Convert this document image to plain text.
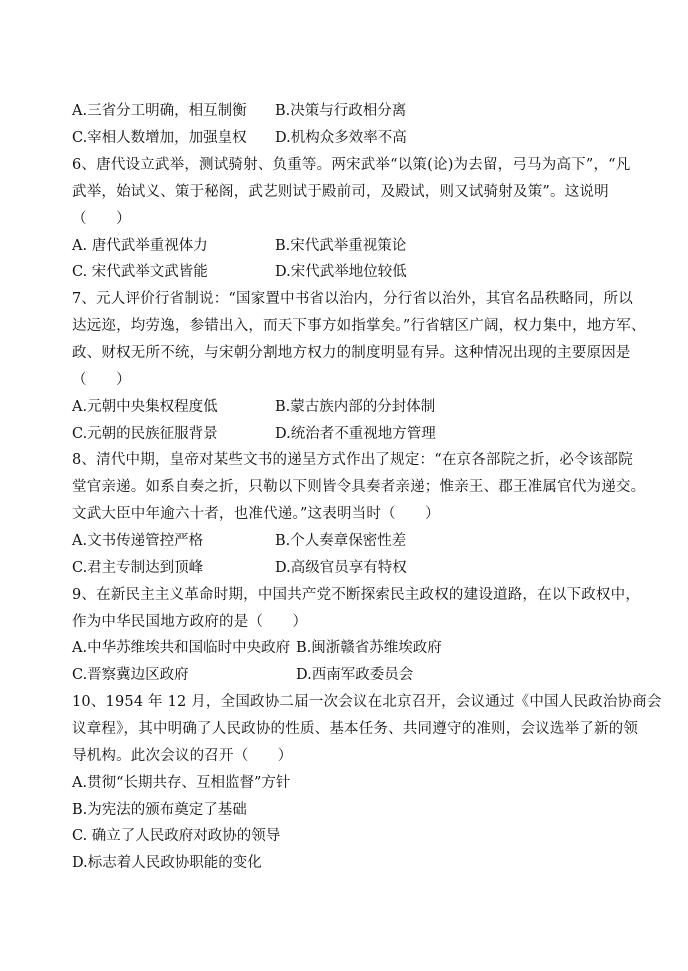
A.三省分工明确，相互制衡 B.决策与行政相分离
C.宰相人数增加，加强皇权 D.机构众多效率不高
6、唐代设立武举，测试骑射、负重等。两宋武举“以策(论)为去留，弓马为高下”，“凡
武举，始试义、策于秘阁，武艺则试于殿前司，及殿试，则又试骑射及策”。这说明
（　　）
A. 唐代武举重视体力	B.宋代武举重视策论
C. 宋代武举文武皆能	D.宋代武举地位较低
7、元人评价行省制说：“国家置中书省以治内，分行省以治外，其官名品秩略同，所以
达远迩，均劳逸，参错出入，而天下事方如指掌矣。”行省辖区广阔，权力集中，地方军、
政、财权无所不统，与宋朝分割地方权力的制度明显有异。这种情况出现的主要原因是
（　　）
A.元朝中央集权程度低	B.蒙古族内部的分封体制
C.元朝的民族征服背景	D.统治者不重视地方管理
8、清代中期，皇帝对某些文书的递呈方式作出了规定：“在京各部院之折，必令该部院
堂官亲递。如系自奏之折，只勒以下则皆令具奏者亲递；惟亲王、郡王准属官代为递交。
文武大臣中年逾六十者，也准代递。”这表明当时（　　）
A.文书传递管控严格	B.个人奏章保密性差
C.君主专制达到顶峰	D.高级官员享有特权
9、在新民主主义革命时期，中国共产党不断探索民主政权的建设道路，在以下政权中，
作为中华民国地方政府的是（　　）
A.中华苏维埃共和国临时中央政府 B.闽浙赣省苏维埃政府
C.晋察冀边区政府	D.西南军政委员会
10、1954 年 12 月，全国政协二届一次会议在北京召开，会议通过《中国人民政治协商会
议章程》，其中明确了人民政协的性质、基本任务、共同遵守的准则，会议选举了新的领
导机构。此次会议的召开（　　）
A.贯彻“长期共存、互相监督”方针
B.为宪法的颁布奠定了基础
C. 确立了人民政府对政协的领导
D.标志着人民政协职能的变化
